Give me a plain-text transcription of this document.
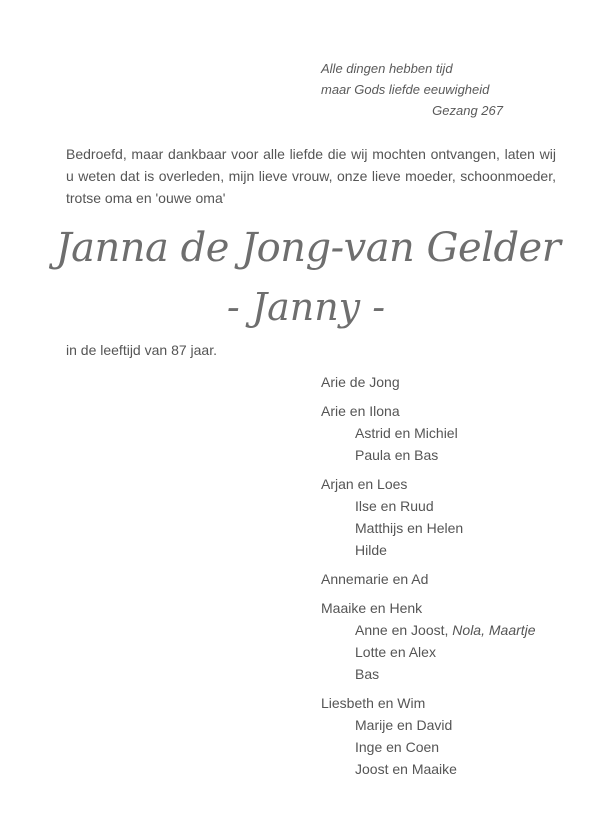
Alle dingen hebben tijd
maar Gods liefde eeuwigheid
Gezang 267
Bedroefd, maar dankbaar voor alle liefde die wij mochten ontvangen, laten wij
u weten dat is overleden, mijn lieve vrouw, onze lieve moeder, schoonmoeder,
trotse oma en 'ouwe oma'
Janna de Jong-van Gelder
- Janny -
in de leeftijd van 87 jaar.
Arie de Jong
Arie en Ilona
Astrid en Michiel
Paula en Bas
Arjan en Loes
Ilse en Ruud
Matthijs en Helen
Hilde
Annemarie en Ad
Maaike en Henk
Anne en Joost, Nola, Maartje
Lotte en Alex
Bas
Liesbeth en Wim
Marije en David
Inge en Coen
Joost en Maaike
